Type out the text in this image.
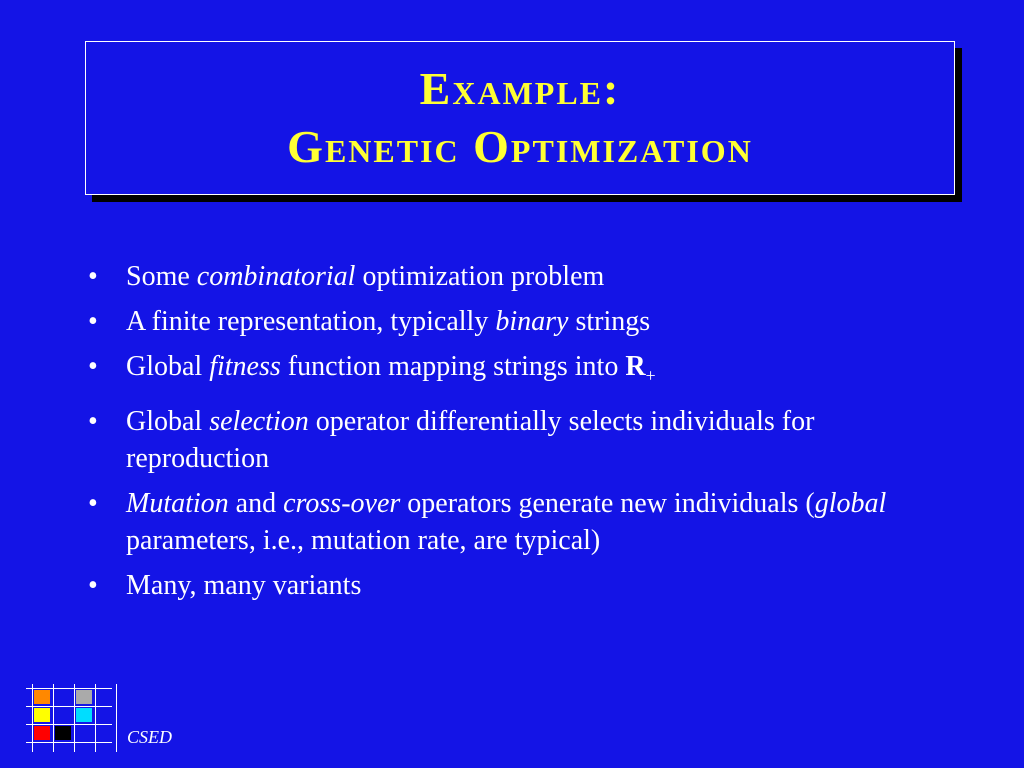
Example:
Genetic Optimization
• Some combinatorial optimization problem
• A finite representation, typically binary strings
• Global fitness function mapping strings into $R_+$
• Global selection operator differentially selects individuals for reproduction
• Mutation and cross-over operators generate new individuals (global parameters, i.e., mutation rate, are typical)
• Many, many variants
CSED
